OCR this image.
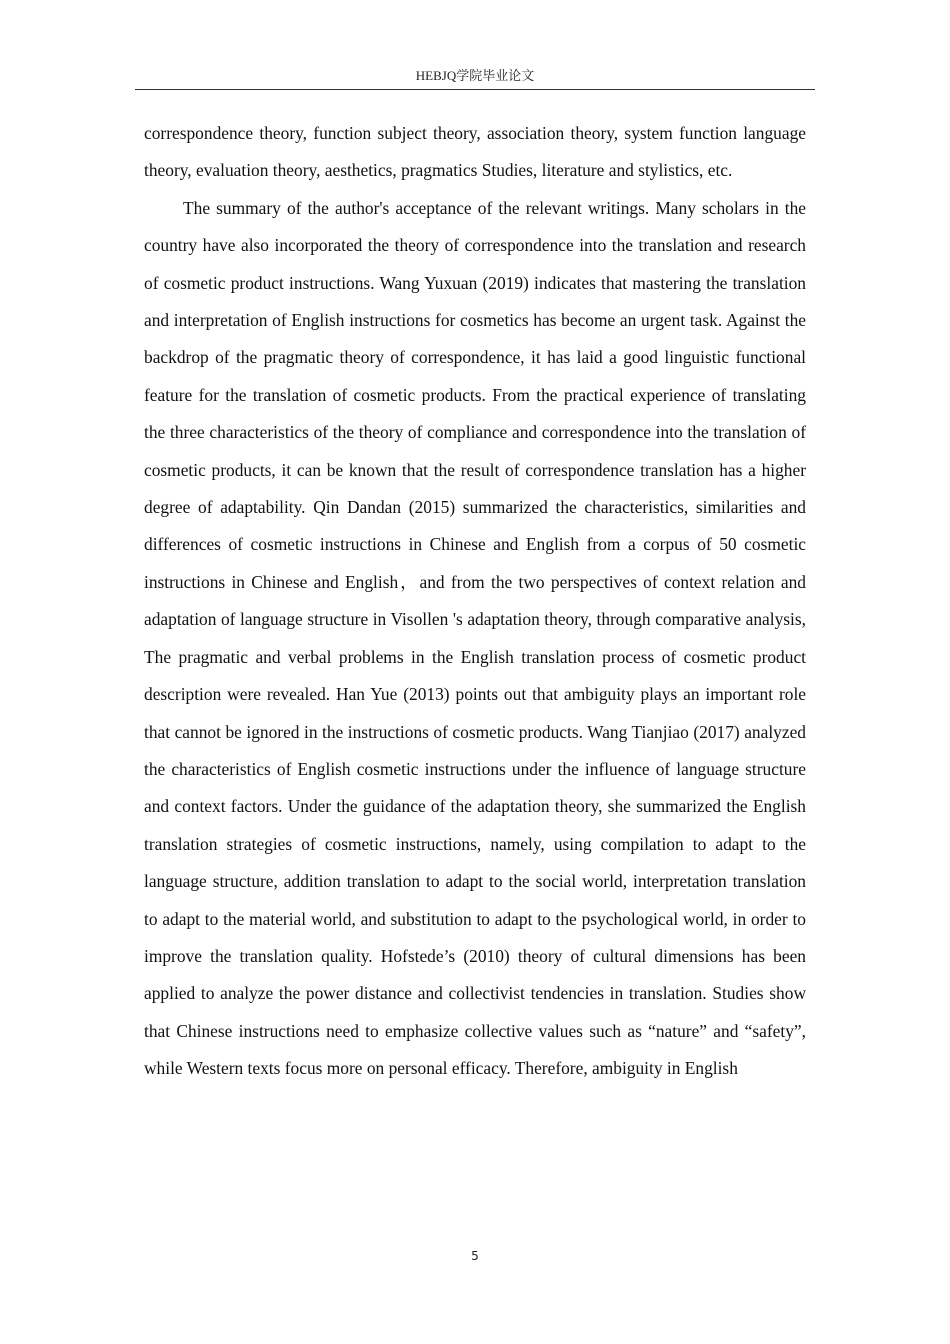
HEBJQ学院毕业论文

correspondence theory, function subject theory, association theory, system function language theory, evaluation theory, aesthetics, pragmatics Studies, literature and stylistics, etc.

The summary of the author's acceptance of the relevant writings. Many scholars in the country have also incorporated the theory of correspondence into the translation and research of cosmetic product instructions. Wang Yuxuan (2019) indicates that mastering the translation and interpretation of English instructions for cosmetics has become an urgent task. Against the backdrop of the pragmatic theory of correspondence, it has laid a good linguistic functional feature for the translation of cosmetic products. From the practical experience of translating the three characteristics of the theory of compliance and correspondence into the translation of cosmetic products, it can be known that the result of correspondence translation has a higher degree of adaptability. Qin Dandan (2015) summarized the characteristics, similarities and differences of cosmetic instructions in Chinese and English from a corpus of 50 cosmetic instructions in Chinese and English，and from the two perspectives of context relation and adaptation of language structure in Visollen 's adaptation theory, through comparative analysis, The pragmatic and verbal problems in the English translation process of cosmetic product description were revealed. Han Yue (2013) points out that ambiguity plays an important role that cannot be ignored in the instructions of cosmetic products. Wang Tianjiao (2017) analyzed the characteristics of English cosmetic instructions under the influence of language structure and context factors. Under the guidance of the adaptation theory, she summarized the English translation strategies of cosmetic instructions, namely, using compilation to adapt to the language structure, addition translation to adapt to the social world, interpretation translation to adapt to the material world, and substitution to adapt to the psychological world, in order to improve the translation quality. Hofstede’s (2010) theory of cultural dimensions has been applied to analyze the power distance and collectivist tendencies in translation. Studies show that Chinese instructions need to emphasize collective values such as “nature” and “safety”, while Western texts focus more on personal efficacy. Therefore, ambiguity in English

5
